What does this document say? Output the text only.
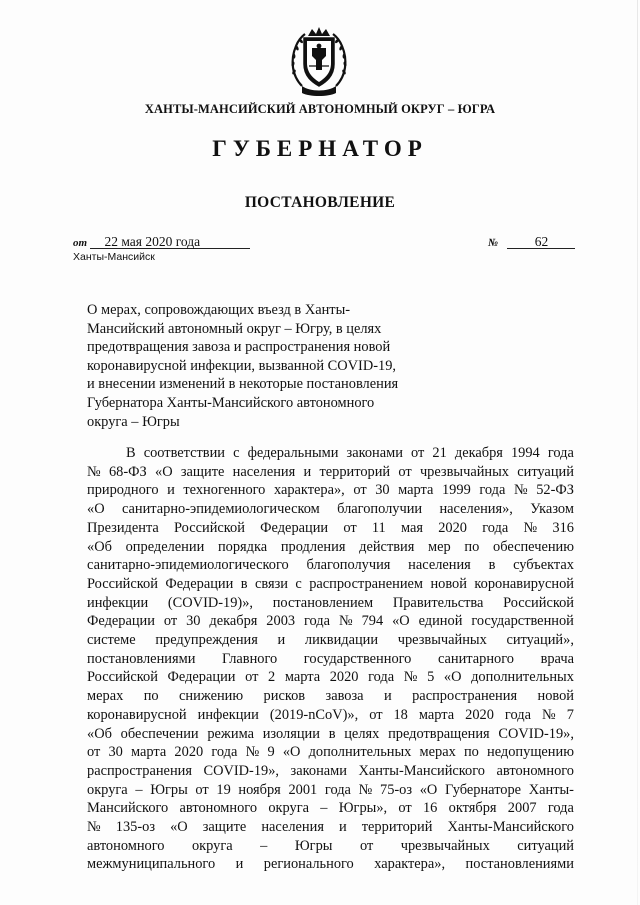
ХАНТЫ-МАНСИЙСКИЙ АВТОНОМНЫЙ ОКРУГ – ЮГРА
ГУБЕРНАТОР
ПОСТАНОВЛЕНИЕ
от 22 мая 2020 года
Ханты-Мансийск
№	62
О мерах, сопровождающих въезд в Ханты-
Мансийский автономный округ – Югру, в целях
предотвращения завоза и распространения новой
коронавирусной инфекции, вызванной COVID-19,
и внесении изменений в некоторые постановления
Губернатора Ханты-Мансийского автономного
округа – Югры
В соответствии с федеральными законами от 21 декабря 1994 года
№ 68-ФЗ «О защите населения и территорий от чрезвычайных ситуаций
природного и техногенного характера», от 30 марта 1999 года № 52-ФЗ
«О санитарно-эпидемиологическом благополучии населения», Указом
Президента Российской Федерации от 11 мая 2020 года № 316
«Об определении порядка продления действия мер по обеспечению
санитарно-эпидемиологического благополучия населения в субъектах
Российской Федерации в связи с распространением новой коронавирусной
инфекции (COVID-19)», постановлением Правительства Российской
Федерации от 30 декабря 2003 года № 794 «О единой государственной
системе предупреждения и ликвидации чрезвычайных ситуаций»,
постановлениями Главного государственного санитарного врача
Российской Федерации от 2 марта 2020 года № 5 «О дополнительных
мерах по снижению рисков завоза и распространения новой
коронавирусной инфекции (2019-nCoV)», от 18 марта 2020 года № 7
«Об обеспечении режима изоляции в целях предотвращения COVID-19»,
от 30 марта 2020 года № 9 «О дополнительных мерах по недопущению
распространения COVID-19», законами Ханты-Мансийского автономного
округа – Югры от 19 ноября 2001 года № 75-оз «О Губернаторе Ханты-
Мансийского автономного округа – Югры», от 16 октября 2007 года
№ 135-оз «О защите населения и территорий Ханты-Мансийского
автономного округа – Югры от чрезвычайных ситуаций
межмуниципального и регионального характера», постановлениями
